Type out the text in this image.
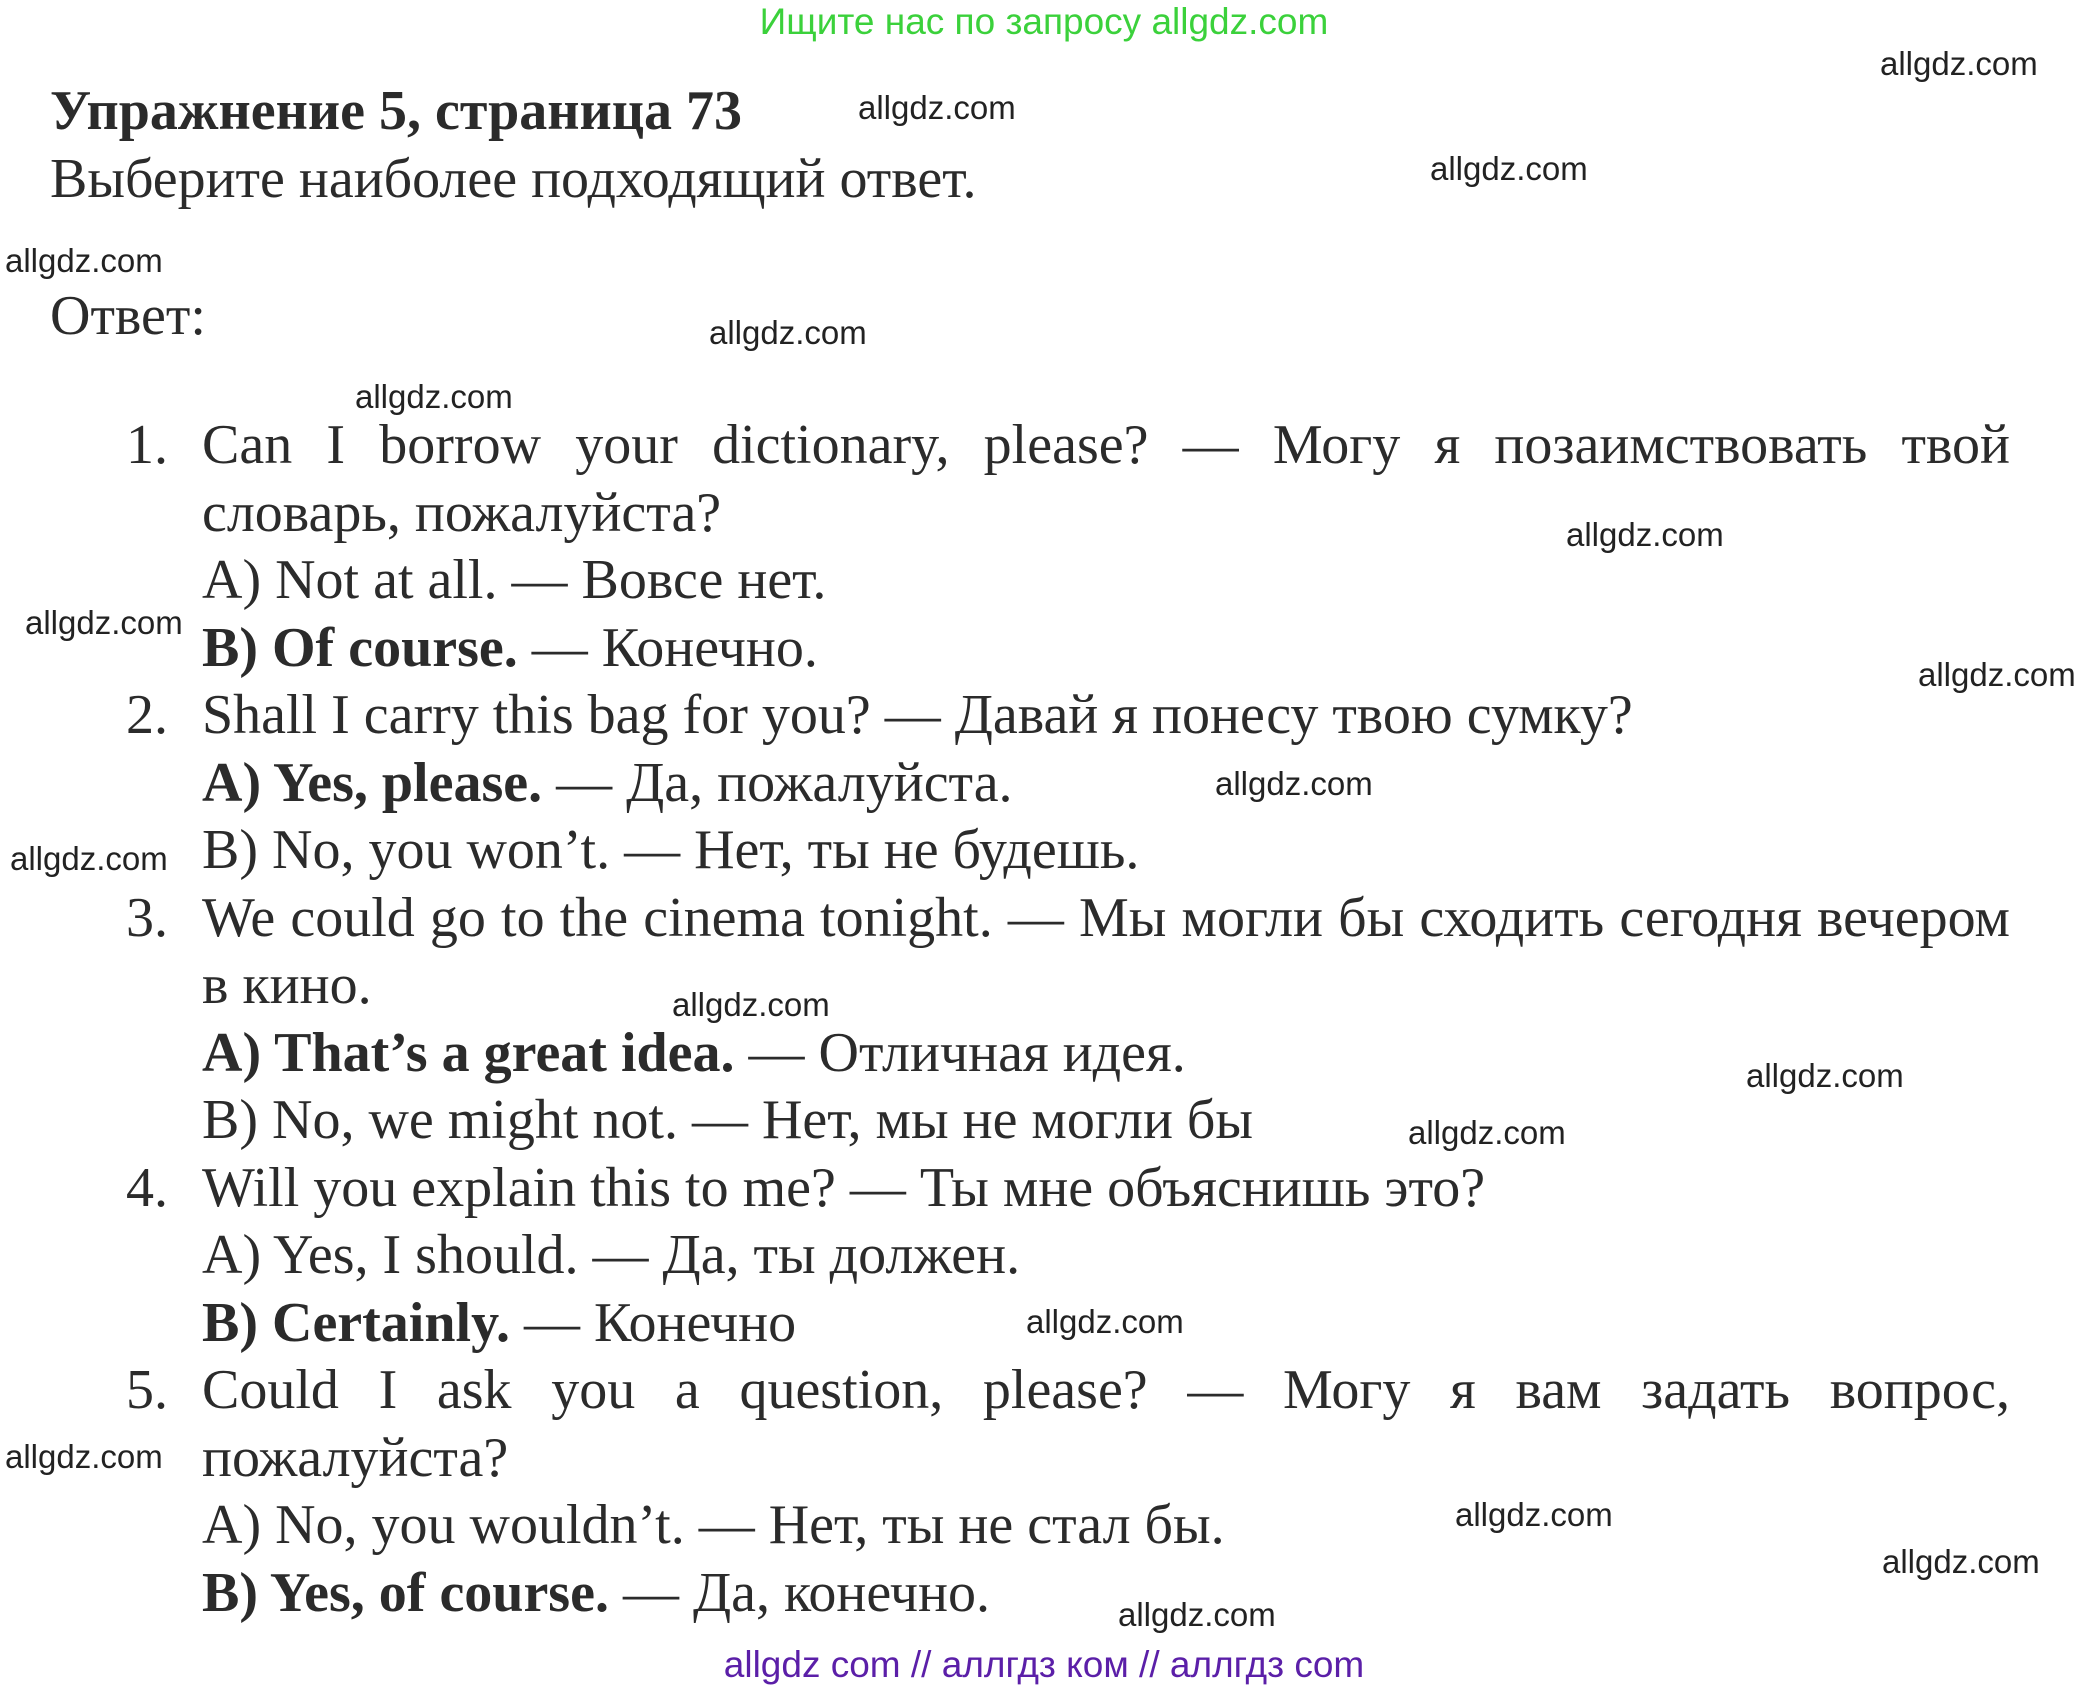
Ищите нас по запросу allgdz.com
Упражнение 5, страница 73
Выберите наиболее подходящий ответ.
Ответ:
1. Can I borrow your dictionary, please? — Могу я позаимствовать твой словарь, пожалуйста?
A) Not at all. — Вовсе нет.
B) Of course. — Конечно.
2. Shall I carry this bag for you? — Давай я понесу твою сумку?
A) Yes, please. — Да, пожалуйста.
B) No, you won’t. — Нет, ты не будешь.
3. We could go to the cinema tonight. — Мы могли бы сходить сегодня вечером в кино.
A) That’s a great idea. — Отличная идея.
B) No, we might not. — Нет, мы не могли бы
4. Will you explain this to me? — Ты мне объяснишь это?
A) Yes, I should. — Да, ты должен.
B) Certainly. — Конечно
5. Could I ask you a question, please? — Могу я вам задать вопрос, пожалуйста?
A) No, you wouldn’t. — Нет, ты не стал бы.
B) Yes, of course. — Да, конечно.
allgdz.com
allgdz.com
allgdz.com
allgdz.com
allgdz.com
allgdz.com
allgdz.com
allgdz.com
allgdz.com
allgdz.com
allgdz.com
allgdz.com
allgdz.com
allgdz.com
allgdz.com
allgdz.com
allgdz.com
allgdz.com
allgdz.com
allgdz com // аллгдз ком // аллгдз com
